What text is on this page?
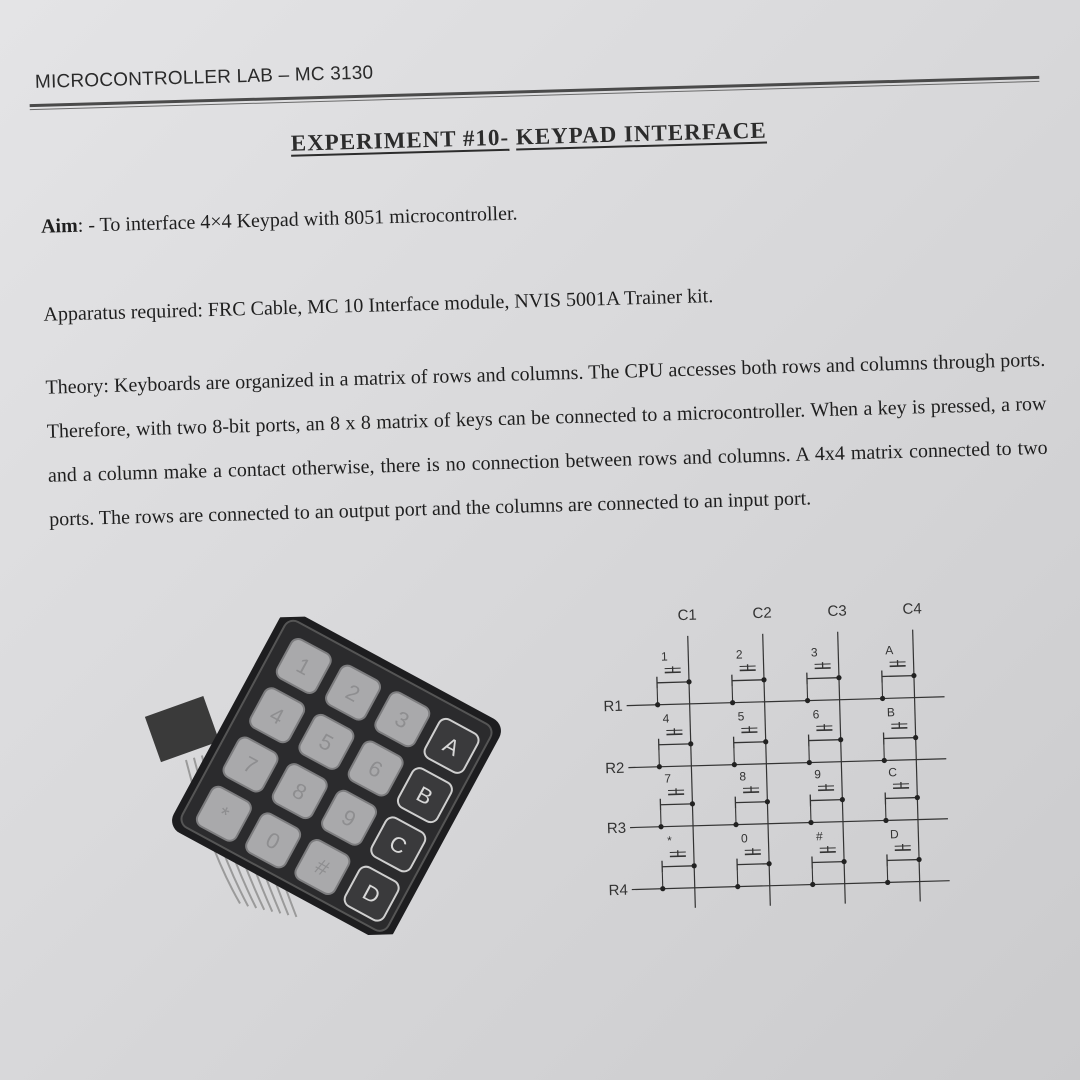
MICROCONTROLLER LAB – MC 3130
EXPERIMENT #10- KEYPAD INTERFACE
Aim: - To interface 4×4 Keypad with 8051 microcontroller.
Apparatus required: FRC Cable, MC 10 Interface module, NVIS 5001A Trainer kit.
Theory: Keyboards are organized in a matrix of rows and columns. The CPU accesses both rows and columns through ports. Therefore, with two 8-bit ports, an 8 x 8 matrix of keys can be connected to a microcontroller. When a key is pressed, a row and a column make a contact otherwise, there is no connection between rows and columns. A 4x4 matrix connected to two ports. The rows are connected to an output port and the columns are connected to an input port.
1
2
3
A
4
5
6
B
7
8
9
C
*
0
#
D
C1	C2	C3	C4
R1
R2
R3
R4
1	2	3	A
4	5	6	B
7	8	9	C
*	0	#	D
